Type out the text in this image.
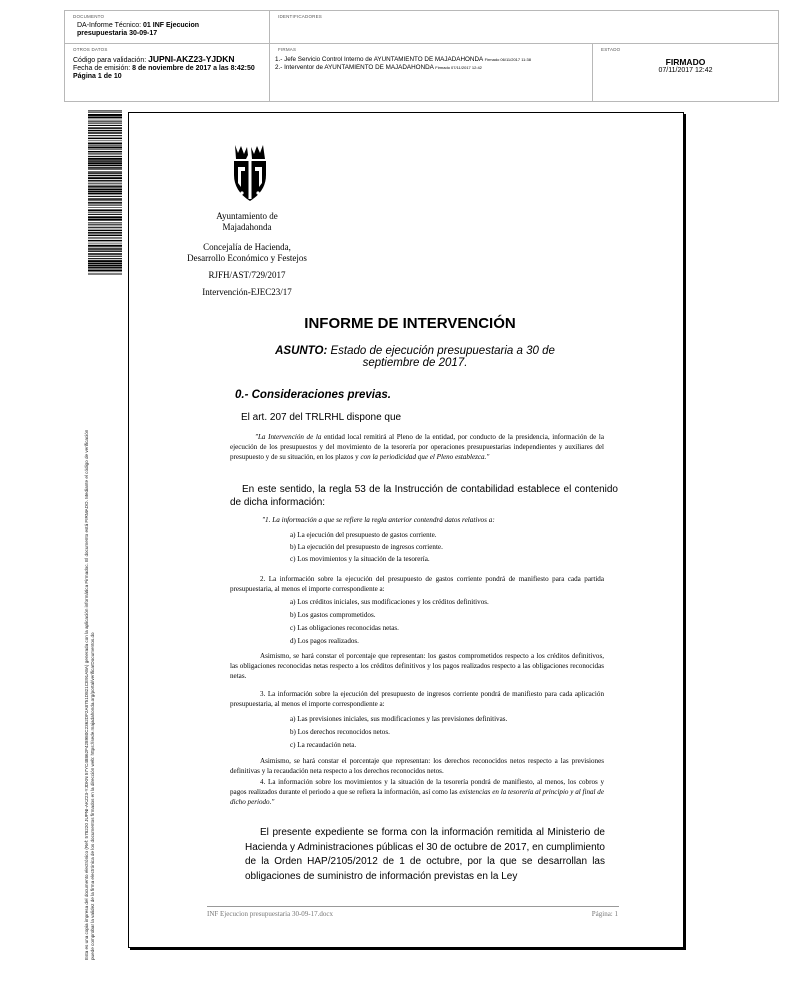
DOCUMENTO
DA-Informe Técnico: 01 INF Ejecucion
presupuestaria 30-09-17
IDENTIFICADORES
OTROS DATOS
Código para validación: JUPNI-AKZ23-YJDKN
Fecha de emisión: 8 de noviembre de 2017 a las 8:42:50
Página 1 de 10
FIRMAS
1.- Jefe Servicio Control Interno de AYUNTAMIENTO DE MAJADAHONDA Firmado 06/11/2017 11:38
2.- Interventor de AYUNTAMIENTO DE MAJADAHONDA Firmado 07/11/2017 12:42
ESTADO
FIRMADO
07/11/2017 12:42
Esta es una copia impresa del documento electrónico (Ref: 578220 JUPNI-AKZ23-YJDKN 57YC48862F428980C2362DF2A8751D821CE91A8A) generada con la aplicación informática Firmadoc. El documento está FIRMADO. Mediante el código de verificación puede comprobar la validez de la firma electrónica de los documentos firmados en la dirección web: https://sede.majadahonda.org/portal/verificarDocumentos.do
Ayuntamiento de
Majadahonda
Concejalía de Hacienda,
Desarrollo Económico y Festejos
RJFH/AST/729/2017
Intervención-EJEC23/17
INFORME DE INTERVENCIÓN
ASUNTO: Estado de ejecución presupuestaria a 30 de septiembre de 2017.
0.- Consideraciones previas.
El art. 207 del TRLRHL dispone que
"La Intervención de la entidad local remitirá al Pleno de la entidad, por conducto de la presidencia, información de la ejecución de los presupuestos y del movimiento de la tesorería por operaciones presupuestarias independientes y auxiliares del presupuesto y de su situación, en los plazos y con la periodicidad que el Pleno establezca."
En este sentido, la regla 53 de la Instrucción de contabilidad establece el contenido de dicha información:
"1. La información a que se refiere la regla anterior contendrá datos relativos a:
a) La ejecución del presupuesto de gastos corriente.
b) La ejecución del presupuesto de ingresos corriente.
c) Los movimientos y la situación de la tesorería.
2. La información sobre la ejecución del presupuesto de gastos corriente pondrá de manifiesto para cada partida presupuestaria, al menos el importe correspondiente a:
a) Los créditos iniciales, sus modificaciones y los créditos definitivos.
b) Los gastos comprometidos.
c) Las obligaciones reconocidas netas.
d) Los pagos realizados.
Asimismo, se hará constar el porcentaje que representan: los gastos comprometidos respecto a los créditos definitivos, las obligaciones reconocidas netas respecto a los créditos definitivos y los pagos realizados respecto a las obligaciones reconocidas netas.
3. La información sobre la ejecución del presupuesto de ingresos corriente pondrá de manifiesto para cada aplicación presupuestaria, al menos el importe correspondiente a:
a) Las previsiones iniciales, sus modificaciones y las previsiones definitivas.
b) Los derechos reconocidos netos.
c) La recaudación neta.
Asimismo, se hará constar el porcentaje que representan: los derechos reconocidos netos respecto a las previsiones definitivas y la recaudación neta respecto a los derechos reconocidos netos.
4. La información sobre los movimientos y la situación de la tesorería pondrá de manifiesto, al menos, los cobros y pagos realizados durante el periodo a que se refiera la información, así como las existencias en la tesorería al principio y al final de dicho periodo."
El presente expediente se forma con la información remitida al Ministerio de Hacienda y Administraciones públicas el 30 de octubre de 2017, en cumplimiento de la Orden HAP/2105/2012 de 1 de octubre, por la que se desarrollan las obligaciones de suministro de información previstas en la Ley
INF Ejecucion presupuestaria 30-09-17.docx	Página: 1
